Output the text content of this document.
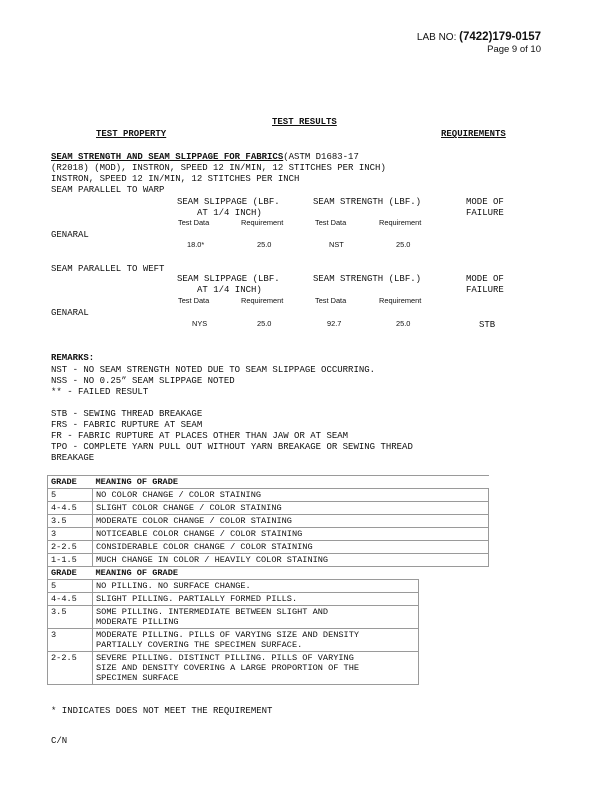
LAB NO: (7422)179-0157
Page 9 of 10
TEST RESULTS
TEST PROPERTY	REQUIREMENTS
SEAM STRENGTH AND SEAM SLIPPAGE FOR FABRICS(ASTM D1683-17
(R2018) (MOD), INSTRON, SPEED 12 IN/MIN, 12 STITCHES PER INCH)
INSTRON, SPEED 12 IN/MIN, 12 STITCHES PER INCH
SEAM PARALLEL TO WARP
SEAM SLIPPAGE (LBF.
AT 1/4 INCH)
SEAM STRENGTH (LBF.)	MODE OF
FAILURE
Test Data	Requirement	Test Data	Requirement
GENARAL
18.0*	25.0	NST	25.0
SEAM PARALLEL TO WEFT
SEAM SLIPPAGE (LBF.
AT 1/4 INCH)
SEAM STRENGTH (LBF.)	MODE OF
FAILURE
Test Data	Requirement	Test Data	Requirement
GENARAL
NYS	25.0	92.7	25.0	STB
REMARKS:
NST - NO SEAM STRENGTH NOTED DUE TO SEAM SLIPPAGE OCCURRING.
NSS - NO 0.25” SEAM SLIPPAGE NOTED
** - FAILED RESULT
STB - SEWING THREAD BREAKAGE
FRS - FABRIC RUPTURE AT SEAM
FR - FABRIC RUPTURE AT PLACES OTHER THAN JAW OR AT SEAM
TPO - COMPLETE YARN PULL OUT WITHOUT YARN BREAKAGE OR SEWING THREAD
BREAKAGE
GRADE	MEANING OF GRADE
5	NO COLOR CHANGE / COLOR STAINING
4-4.5	SLIGHT COLOR CHANGE / COLOR STAINING
3.5	MODERATE COLOR CHANGE / COLOR STAINING
3	NOTICEABLE COLOR CHANGE / COLOR STAINING
2-2.5	CONSIDERABLE COLOR CHANGE / COLOR STAINING
1-1.5	MUCH CHANGE IN COLOR / HEAVILY COLOR STAINING
GRADE	MEANING OF GRADE
5	NO PILLING. NO SURFACE CHANGE.

4-4.5	SLIGHT PILLING. PARTIALLY FORMED PILLS.

3.5	SOME PILLING. INTERMEDIATE BETWEEN SLIGHT AND
MODERATE PILLING

3	MODERATE PILLING. PILLS OF VARYING SIZE AND DENSITY
PARTIALLY COVERING THE SPECIMEN SURFACE.

2-2.5	SEVERE PILLING. DISTINCT PILLING. PILLS OF VARYING
SIZE AND DENSITY COVERING A LARGE PROPORTION OF THE
SPECIMEN SURFACE
* INDICATES DOES NOT MEET THE REQUIREMENT
C/N
